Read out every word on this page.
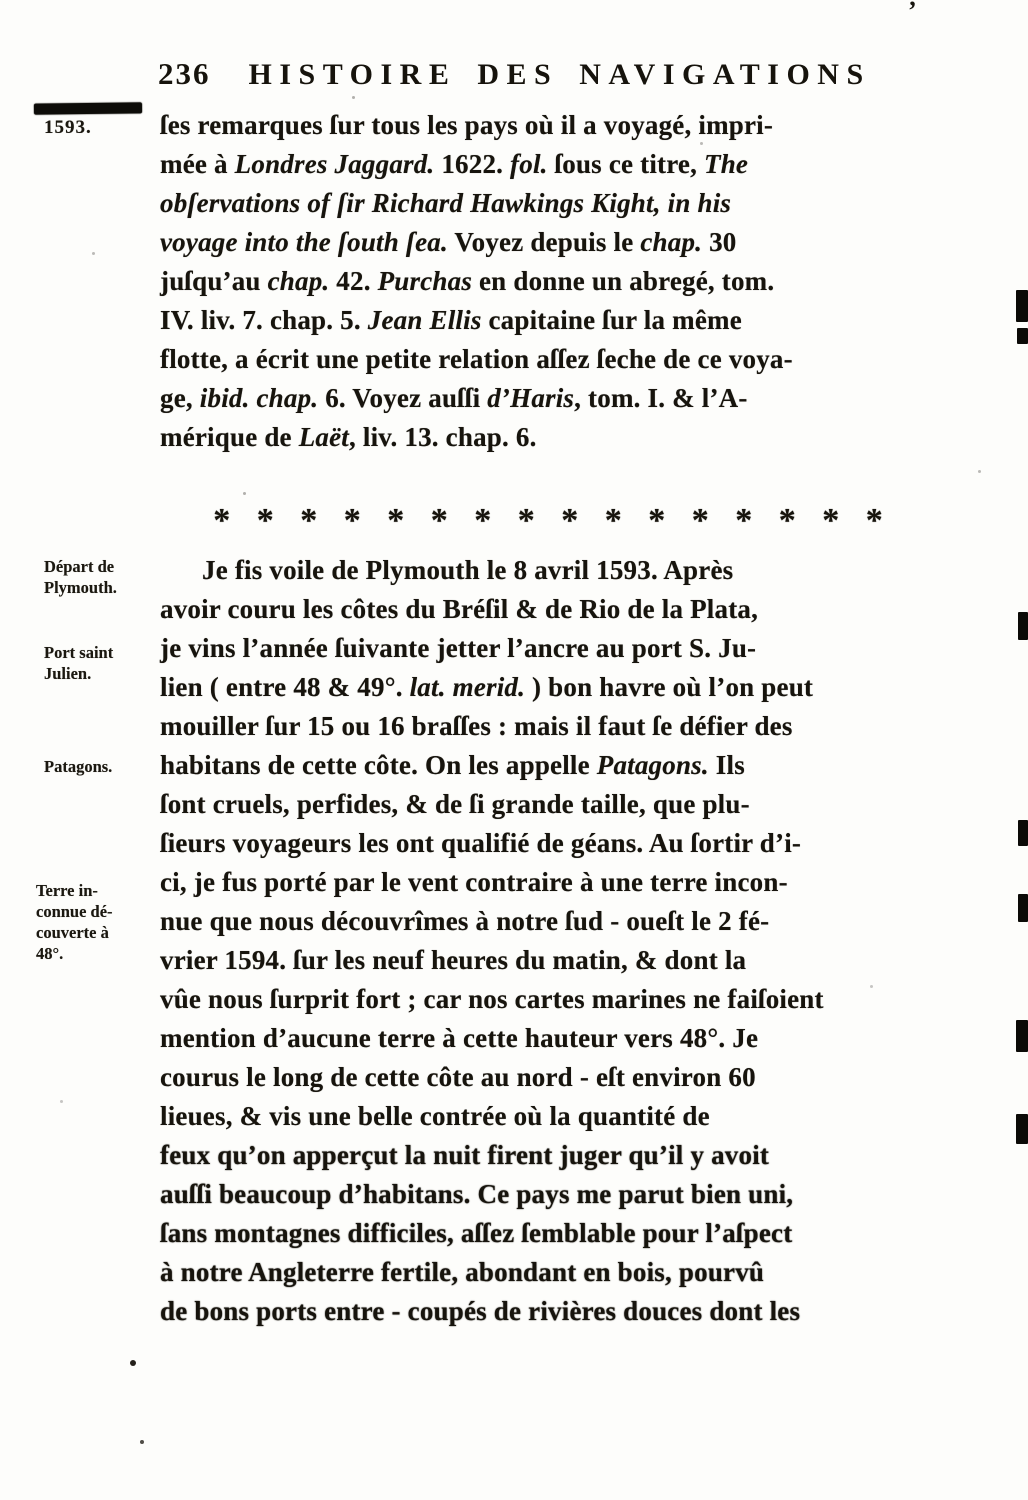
236 HISTOIRE DES NAVIGATIONS
1593.
Départ de
Plymouth.
Port saint
Julien.
Patagons.
Terre in-
connue dé-
couverte à
48°.
ſes remarques ſur tous les pays où il a voyagé, impri-
mée à Londres Jaggard. 1622. fol. ſous ce titre, The
obſervations of ſir Richard Hawkings Kight, in his
voyage into the ſouth ſea. Voyez depuis le chap. 30
juſqu’au chap. 42. Purchas en donne un abregé, tom.
IV. liv. 7. chap. 5. Jean Ellis capitaine ſur la même
flotte, a écrit une petite relation aſſez ſeche de ce voya-
ge, ibid. chap. 6. Voyez auſſi d’Haris, tom. I. & l’A-
mérique de Laët, liv. 13. chap. 6.
* * * * * * * * * * * * * * * *
Je fis voile de Plymouth le 8 avril 1593. Après
avoir couru les côtes du Bréſil & de Rio de la Plata,
je vins l’année ſuivante jetter l’ancre au port S. Ju-
lien ( entre 48 & 49°. lat. merid. ) bon havre où l’on peut
mouiller ſur 15 ou 16 braſſes : mais il faut ſe défier des
habitans de cette côte. On les appelle Patagons. Ils
ſont cruels, perfides, & de ſi grande taille, que plu-
ſieurs voyageurs les ont qualifié de géans. Au ſortir d’i-
ci, je fus porté par le vent contraire à une terre incon-
nue que nous découvrîmes à notre ſud - oueſt le 2 fé-
vrier 1594. ſur les neuf heures du matin, & dont la
vûe nous ſurprit fort ; car nos cartes marines ne faiſoient
mention d’aucune terre à cette hauteur vers 48°. Je
courus le long de cette côte au nord - eſt environ 60
lieues, & vis une belle contrée où la quantité de
feux qu’on apperçut la nuit firent juger qu’il y avoit
auſſi beaucoup d’habitans. Ce pays me parut bien uni,
ſans montagnes difficiles, aſſez ſemblable pour l’aſpect
à notre Angleterre fertile, abondant en bois, pourvû
de bons ports entre - coupés de rivières douces dont les
’
